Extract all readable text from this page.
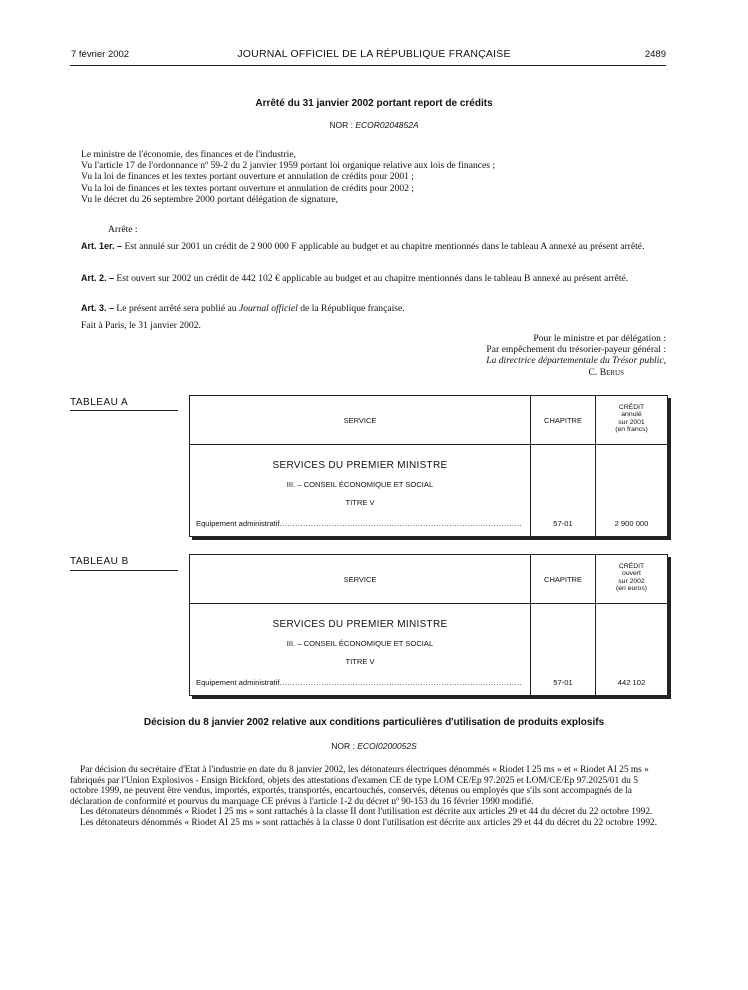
7 février 2002	JOURNAL OFFICIEL DE LA RÉPUBLIQUE FRANÇAISE	2489
Arrêté du 31 janvier 2002 portant report de crédits
NOR : ECOR0204852A
Le ministre de l'économie, des finances et de l'industrie,
Vu l'article 17 de l'ordonnance nº 59-2 du 2 janvier 1959 portant loi organique relative aux lois de finances ;
Vu la loi de finances et les textes portant ouverture et annulation de crédits pour 2001 ;
Vu la loi de finances et les textes portant ouverture et annulation de crédits pour 2002 ;
Vu le décret du 26 septembre 2000 portant délégation de signature,
Arrête :
Art. 1er. – Est annulé sur 2001 un crédit de 2 900 000 F applicable au budget et au chapitre mentionnés dans le tableau A annexé au présent arrêté.
Art. 2. – Est ouvert sur 2002 un crédit de 442 102 € applicable au budget et au chapitre mentionnés dans le tableau B annexé au présent arrêté.
Art. 3. – Le présent arrêté sera publié au Journal officiel de la République française.
Fait à Paris, le 31 janvier 2002.
Pour le ministre et par délégation :
Par empêchement du trésorier-payeur général :
La directrice départementale du Trésor public,
C. Berus
TABLEAU A
SERVICE	CHAPITRE
CRÉDIT
annulé
sur 2001
(en francs)
SERVICES DU PREMIER MINISTRE
III. – CONSEIL ÉCONOMIQUE ET SOCIAL
TITRE V
Equipement administratif .....	57-01	2 900 000
TABLEAU B
SERVICE	CHAPITRE
CRÉDIT
ouvert
sur 2002
(en euros)
SERVICES DU PREMIER MINISTRE
III. – CONSEIL ÉCONOMIQUE ET SOCIAL
TITRE V
Equipement administratif .....	57-01	442 102
Décision du 8 janvier 2002 relative aux conditions particulières d'utilisation de produits explosifs
NOR : ECOI0200052S
Par décision du secrétaire d'Etat à l'industrie en date du 8 janvier 2002, les détonateurs électriques dénommés « Riodet I 25 ms » et « Riodet AI 25 ms » fabriqués par l'Union Explosivos - Ensign Bickford, objets des attestations d'examen CE de type LOM CE/Ep 97.2025 et LOM/CE/Ep 97.2025/01 du 5 octobre 1999, ne peuvent être vendus, importés, exportés, transportés, encartouchés, conservés, détenus ou employés que s'ils sont accompagnés de la déclaration de conformité et pourvus du marquage CE prévus à l'article 1-2 du décret nº 90-153 du 16 février 1990 modifié.
Les détonateurs dénommés « Riodet I 25 ms » sont rattachés à la classe II dont l'utilisation est décrite aux articles 29 et 44 du décret du 22 octobre 1992.
Les détonateurs dénommés « Riodet AI 25 ms » sont rattachés à la classe 0 dont l'utilisation est décrite aux articles 29 et 44 du décret du 22 octobre 1992.
